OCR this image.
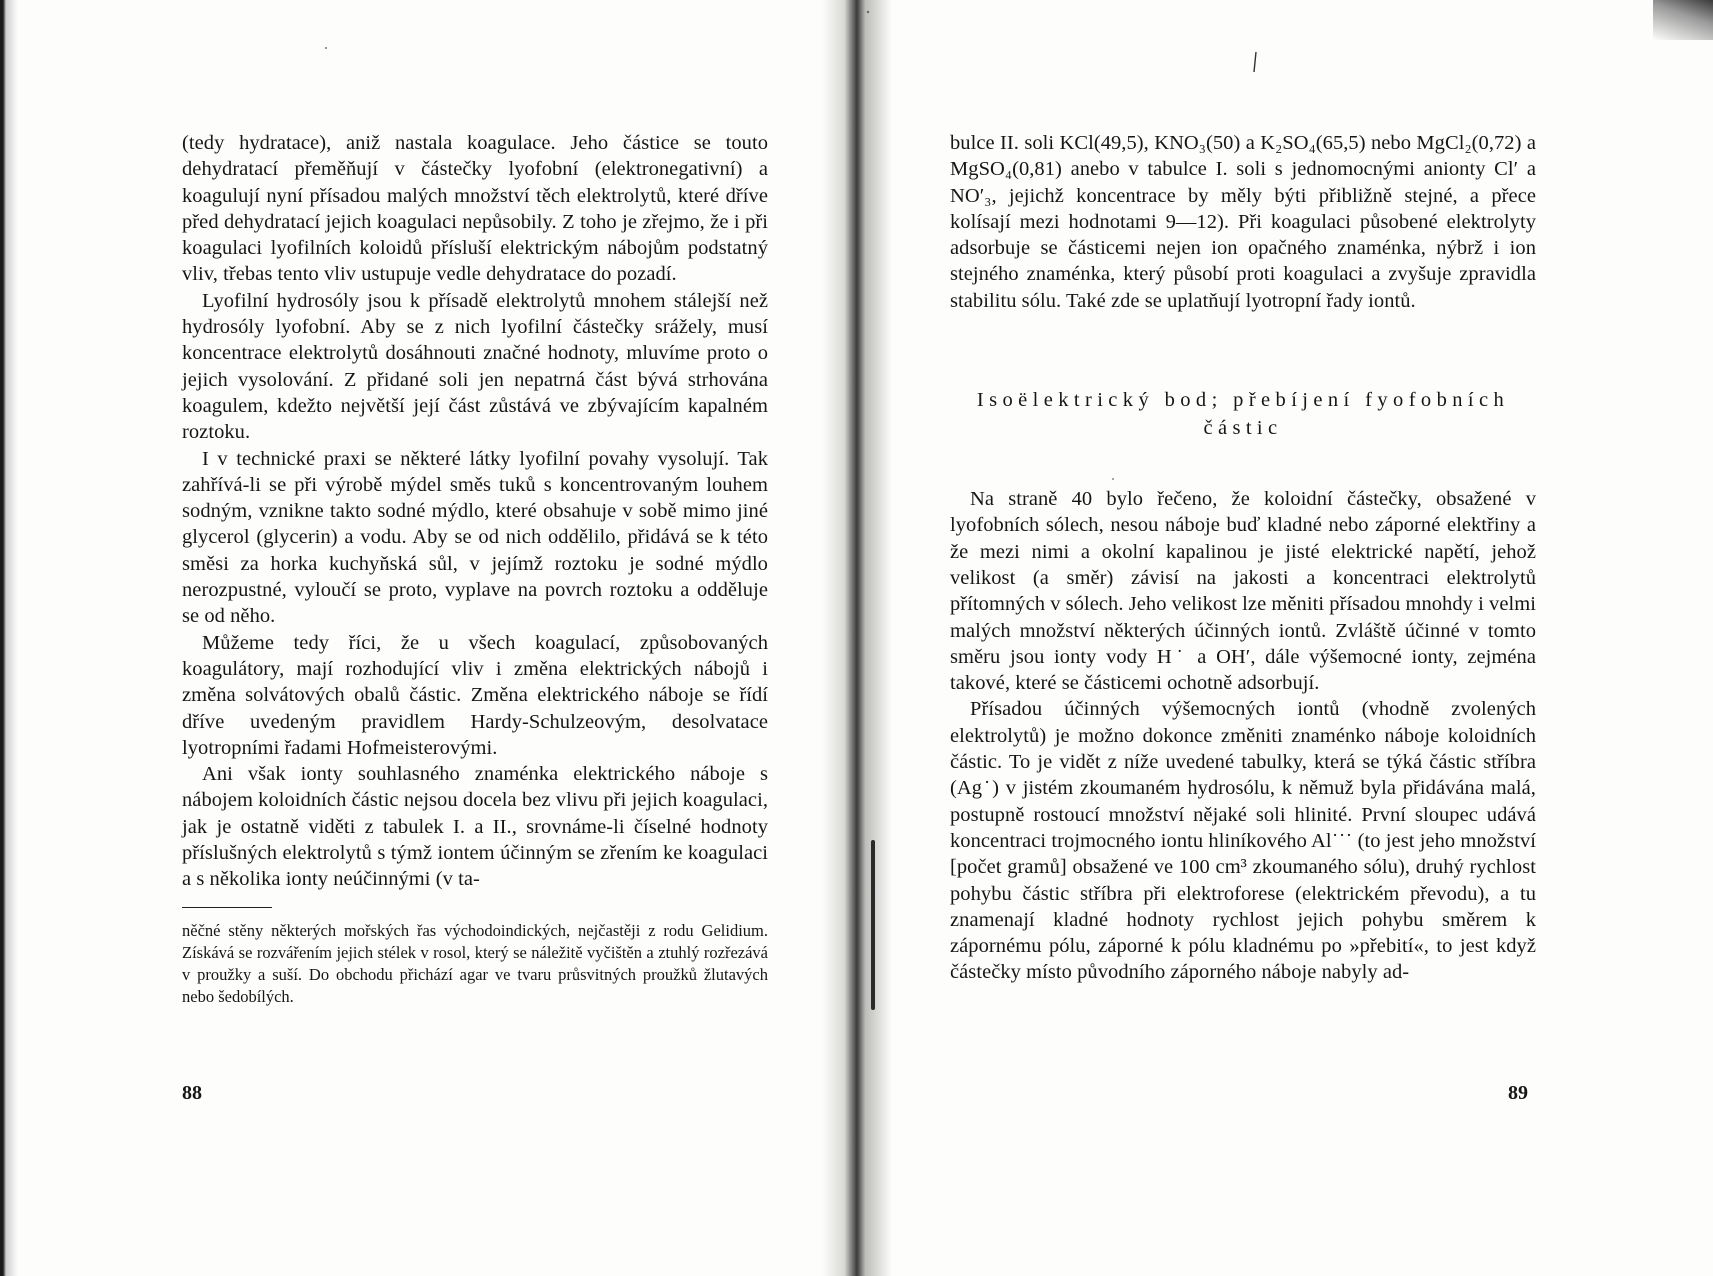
(tedy hydratace), aniž nastala koagulace. Jeho částice se touto dehydratací přeměňují v částečky lyofobní (elektronegativní) a koagulují nyní přísadou malých množství těch elektrolytů, které dříve před dehydratací jejich koagulaci nepůsobily. Z toho je zřejmo, že i při koagulaci lyofilních koloidů přísluší elektrickým nábojům podstatný vliv, třebas tento vliv ustupuje vedle dehydratace do pozadí.

Lyofilní hydrosóly jsou k přísadě elektrolytů mnohem stálejší než hydrosóly lyofobní. Aby se z nich lyofilní částečky srážely, musí koncentrace elektrolytů dosáhnouti značné hodnoty, mluvíme proto o jejich vysolování. Z přidané soli jen nepatrná část bývá strhována koagulem, kdežto největší její část zůstává ve zbývajícím kapalném roztoku.

I v technické praxi se některé látky lyofilní povahy vysolují. Tak zahřívá-li se při výrobě mýdel směs tuků s koncentrovaným louhem sodným, vznikne takto sodné mýdlo, které obsahuje v sobě mimo jiné glycerol (glycerin) a vodu. Aby se od nich oddělilo, přidává se k této směsi za horka kuchyňská sůl, v jejímž roztoku je sodné mýdlo nerozpustné, vyloučí se proto, vyplave na povrch roztoku a odděluje se od něho.

Můžeme tedy říci, že u všech koagulací, způsobovaných koagulátory, mají rozhodující vliv i změna elektrických nábojů i změna solvátových obalů částic. Změna elektrického náboje se řídí dříve uvedeným pravidlem Hardy-Schulzeovým, desolvatace lyotropními řadami Hofmeisterovými.

Ani však ionty souhlasného znaménka elektrického náboje s nábojem koloidních částic nejsou docela bez vlivu při jejich koagulaci, jak je ostatně viděti z tabulek I. a II., srovnáme-li číselné hodnoty příslušných elektrolytů s týmž iontem účinným se zřením ke koagulaci a s několika ionty neúčinnými (v ta-

něčné stěny některých mořských řas východoindických, nejčastěji z rodu Gelidium. Získává se rozvářením jejich stélek v rosol, který se náležitě vyčištěn a ztuhlý rozřezává v proužky a suší. Do obchodu přichází agar ve tvaru průsvitných proužků žlutavých nebo šedobílých.

88

bulce II. soli KCl(49,5), KNO₃(50) a K₂SO₄(65,5) nebo MgCl₂(0,72) a MgSO₄(0,81) anebo v tabulce I. soli s jednomocnými anionty Cl′ a NO′₃, jejichž koncentrace by měly býti přibližně stejné, a přece kolísají mezi hodnotami 9—12). Při koagulaci působené elektrolyty adsorbuje se částicemi nejen ion opačného znaménka, nýbrž i ion stejného znaménka, který působí proti koagulaci a zvyšuje zpravidla stabilitu sólu. Také zde se uplatňují lyotropní řady iontů.

Isoëlektrický bod; přebíjení fyofobních částic

Na straně 40 bylo řečeno, že koloidní částečky, obsažené v lyofobních sólech, nesou náboje buď kladné nebo záporné elektřiny a že mezi nimi a okolní kapalinou je jisté elektrické napětí, jehož velikost (a směr) závisí na jakosti a koncentraci elektrolytů přítomných v sólech. Jeho velikost lze měniti přísadou mnohdy i velmi malých množství některých účinných iontů. Zvláště účinné v tomto směru jsou ionty vody H˙ a OH′, dále výšemocné ionty, zejména takové, které se částicemi ochotně adsorbují.

Přísadou účinných výšemocných iontů (vhodně zvolených elektrolytů) je možno dokonce změniti znaménko náboje koloidních částic. To je vidět z níže uvedené tabulky, která se týká částic stříbra (Ag˙) v jistém zkoumaném hydrosólu, k němuž byla přidávána malá, postupně rostoucí množství nějaké soli hlinité. První sloupec udává koncentraci trojmocného iontu hliníkového Al˙˙˙ (to jest jeho množství [počet gramů] obsažené ve 100 cm³ zkoumaného sólu), druhý rychlost pohybu částic stříbra při elektroforese (elektrickém převodu), a tu znamenají kladné hodnoty rychlost jejich pohybu směrem k zápornému pólu, záporné k pólu kladnému po »přebití«, to jest když částečky místo původního záporného náboje nabyly ad-

89
